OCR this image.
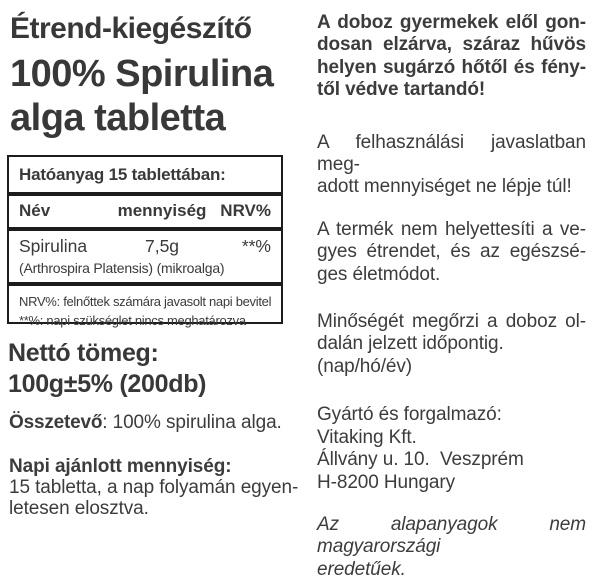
Étrend-kiegészítő
100% Spirulina
alga tabletta
Hatóanyag 15 tablettában:
Név	mennyiség NRV%
Spirulina	7,5g	**%
(Arthrospira Platensis) (mikroalga)
NRV%: felnőttek számára javasolt napi bevitel
**%: napi szükséglet nincs meghatározva
Nettó tömeg:
100g±5% (200db)
Összetevő: 100% spirulina alga.
Napi ajánlott mennyiség:
15 tabletta, a nap folyamán egyen-
letesen elosztva.
A doboz gyermekek elől gon-
dosan elzárva, száraz hűvös
helyen sugárzó hőtől és fény-
től védve tartandó!
A felhasználási javaslatban meg-
adott mennyiséget ne lépje túl!
A termék nem helyettesíti a ve-
gyes étrendet, és az egészsé-
ges életmódot.
Minőségét megőrzi a doboz ol-
dalán jelzett időpontig.
(nap/hó/év)
Gyártó és forgalmazó:
Vitaking Kft.
Állvány u. 10.  Veszprém
H-8200 Hungary
Az alapanyagok nem magyarországi
eredetűek.
